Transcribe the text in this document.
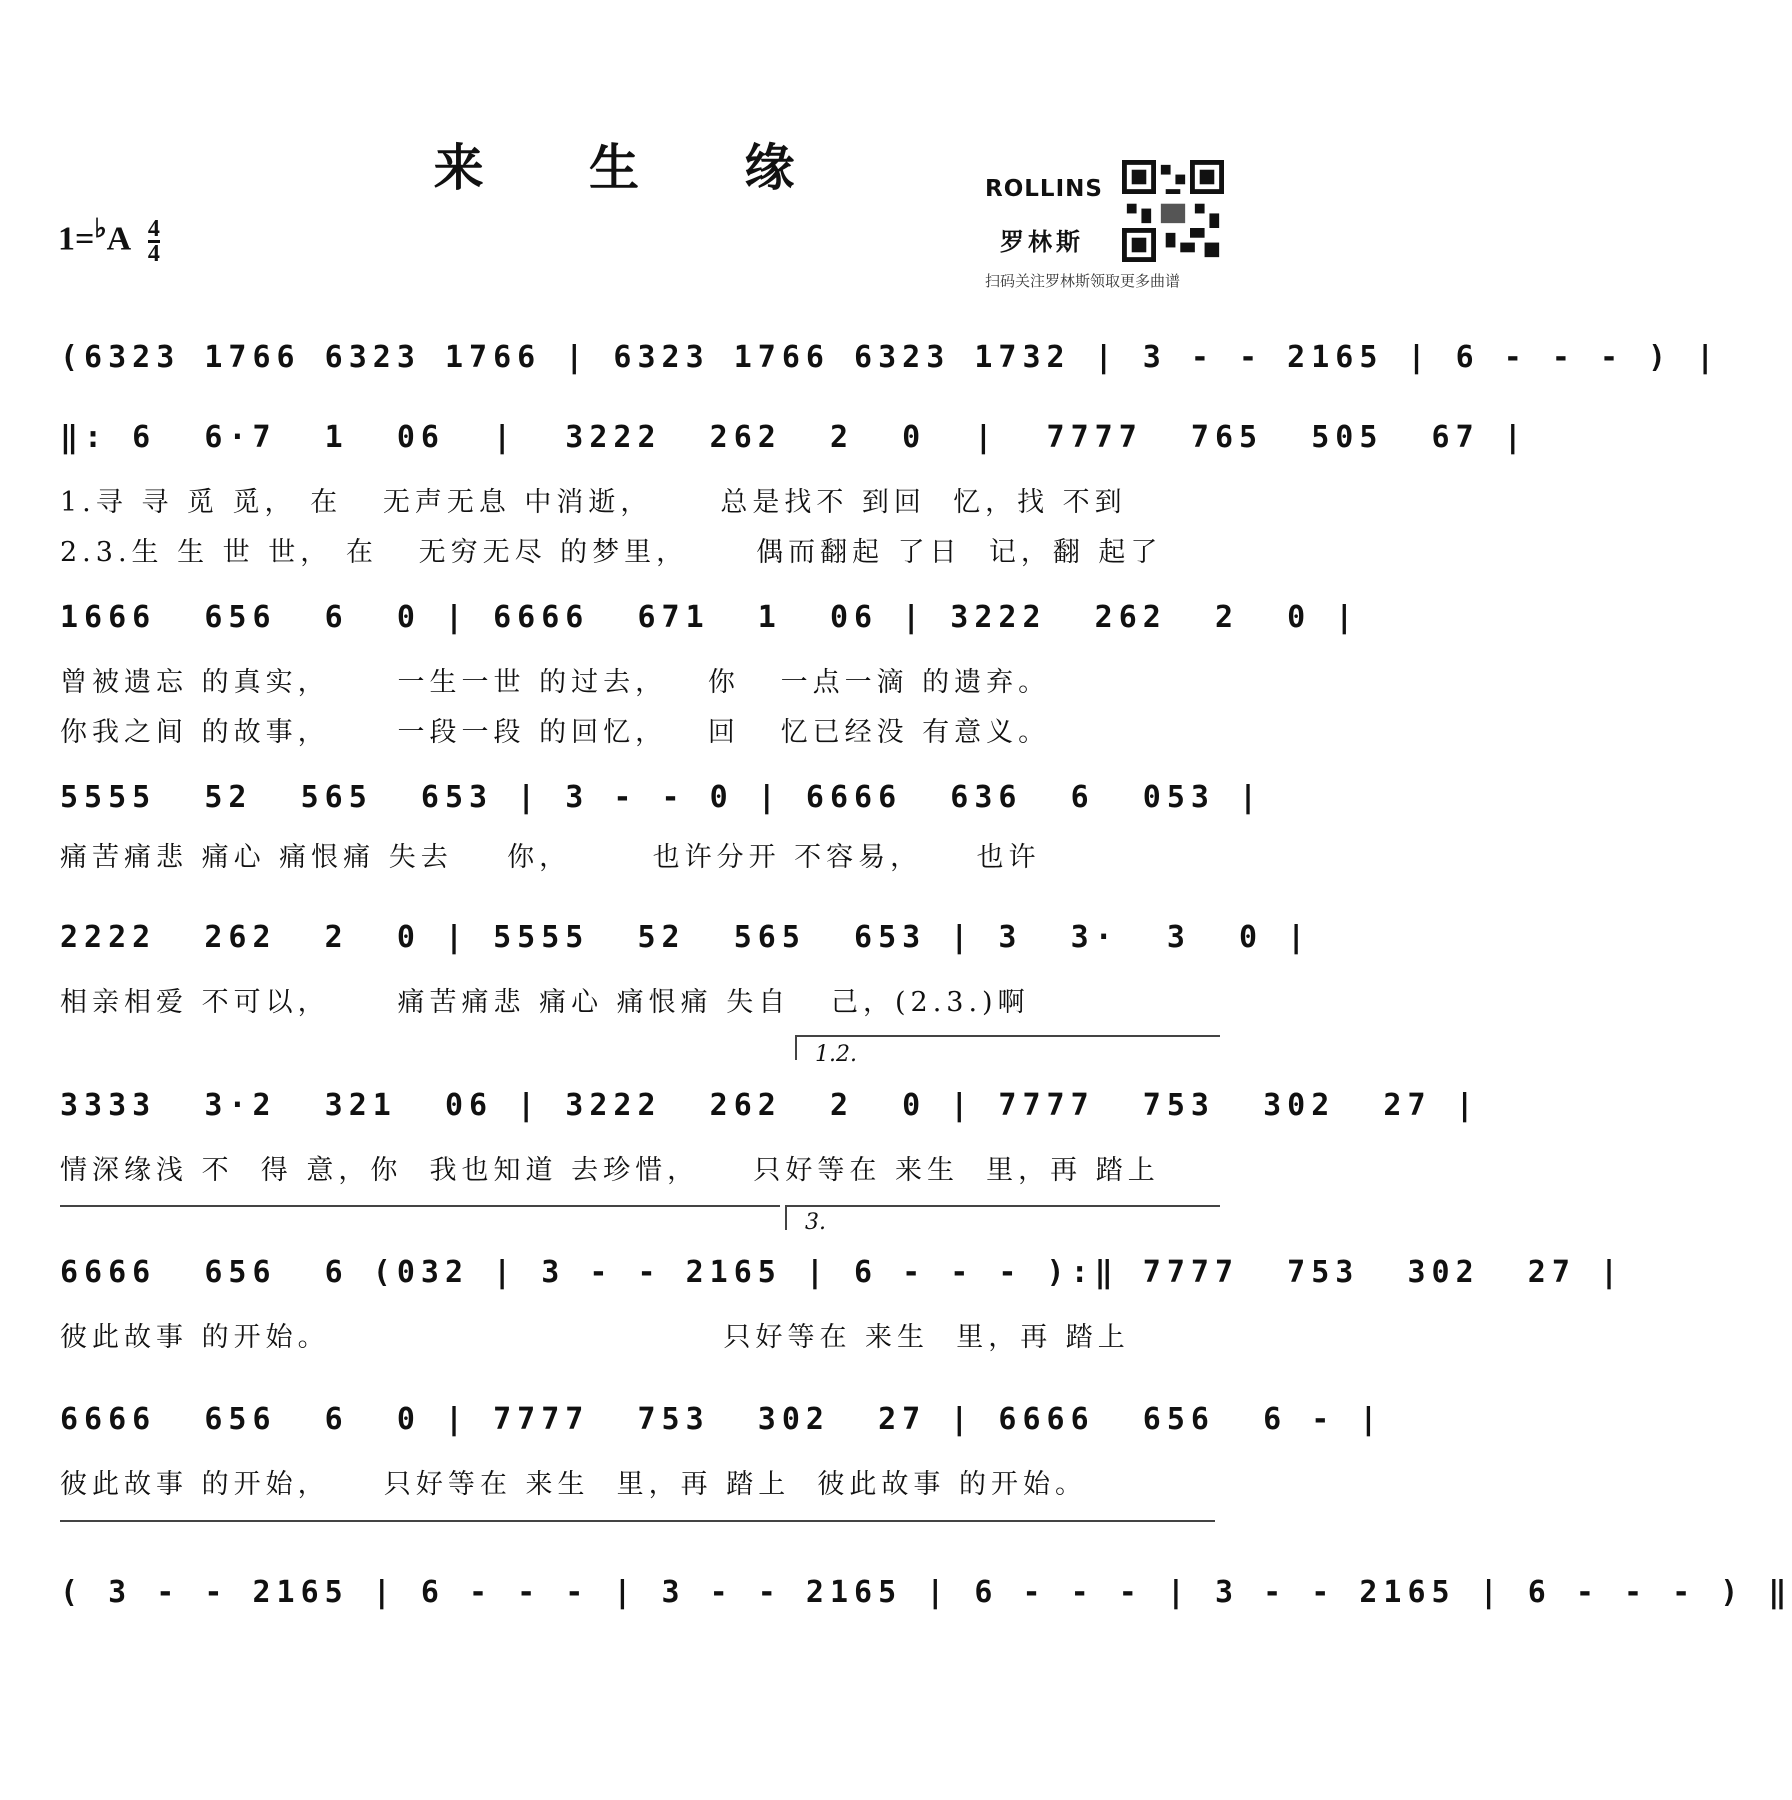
来 生 缘
$1=^♭A \frac{4}{4}$
ROLLINS
罗林斯
扫码关注罗林斯领取更多曲谱
(6323 1766 6323 1766 | 6323 1766 6323 1732 | 3 - - 2165 | 6 - - - ) |
‖: 6  6·7  1  06  |  3222  262  2  0  |  7777  765  505  67 |
1.寻 寻 觅 觅， 在   无声无息 中消逝，     总是找不 到回  忆，找 不到
2.3.生 生 世 世， 在   无穷无尽 的梦里，     偶而翻起 了日  记，翻 起了
1666  656  6  0 | 6666  671  1  06 | 3222  262  2  0 |
曾被遗忘 的真实，     一生一世 的过去，   你   一点一滴 的遗弃。
你我之间 的故事，     一段一段 的回忆，   回   忆已经没 有意义。
5555  52  565  653 | 3 - - 0 | 6666  636  6  053 |
痛苦痛悲 痛心 痛恨痛 失去    你，      也许分开 不容易，    也许
2222  262  2  0 | 5555  52  565  653 | 3  3·  3  0 |
相亲相爱 不可以，     痛苦痛悲 痛心 痛恨痛 失自   己，(2.3.)啊
1.2.
3333  3·2  321  06 | 3222  262  2  0 | 7777  753  302  27 |
情深缘浅 不  得 意，你  我也知道 去珍惜，    只好等在 来生  里，再 踏上
3.
6666  656  6 (032 | 3 - - 2165 | 6 - - - ):‖ 7777  753  302  27 |
彼此故事 的开始。                             只好等在 来生  里，再 踏上
6666  656  6  0 | 7777  753  302  27 | 6666  656  6 - |
彼此故事 的开始，    只好等在 来生  里，再 踏上  彼此故事 的开始。
( 3 - - 2165 | 6 - - - | 3 - - 2165 | 6 - - - | 3 - - 2165 | 6 - - - ) ‖
